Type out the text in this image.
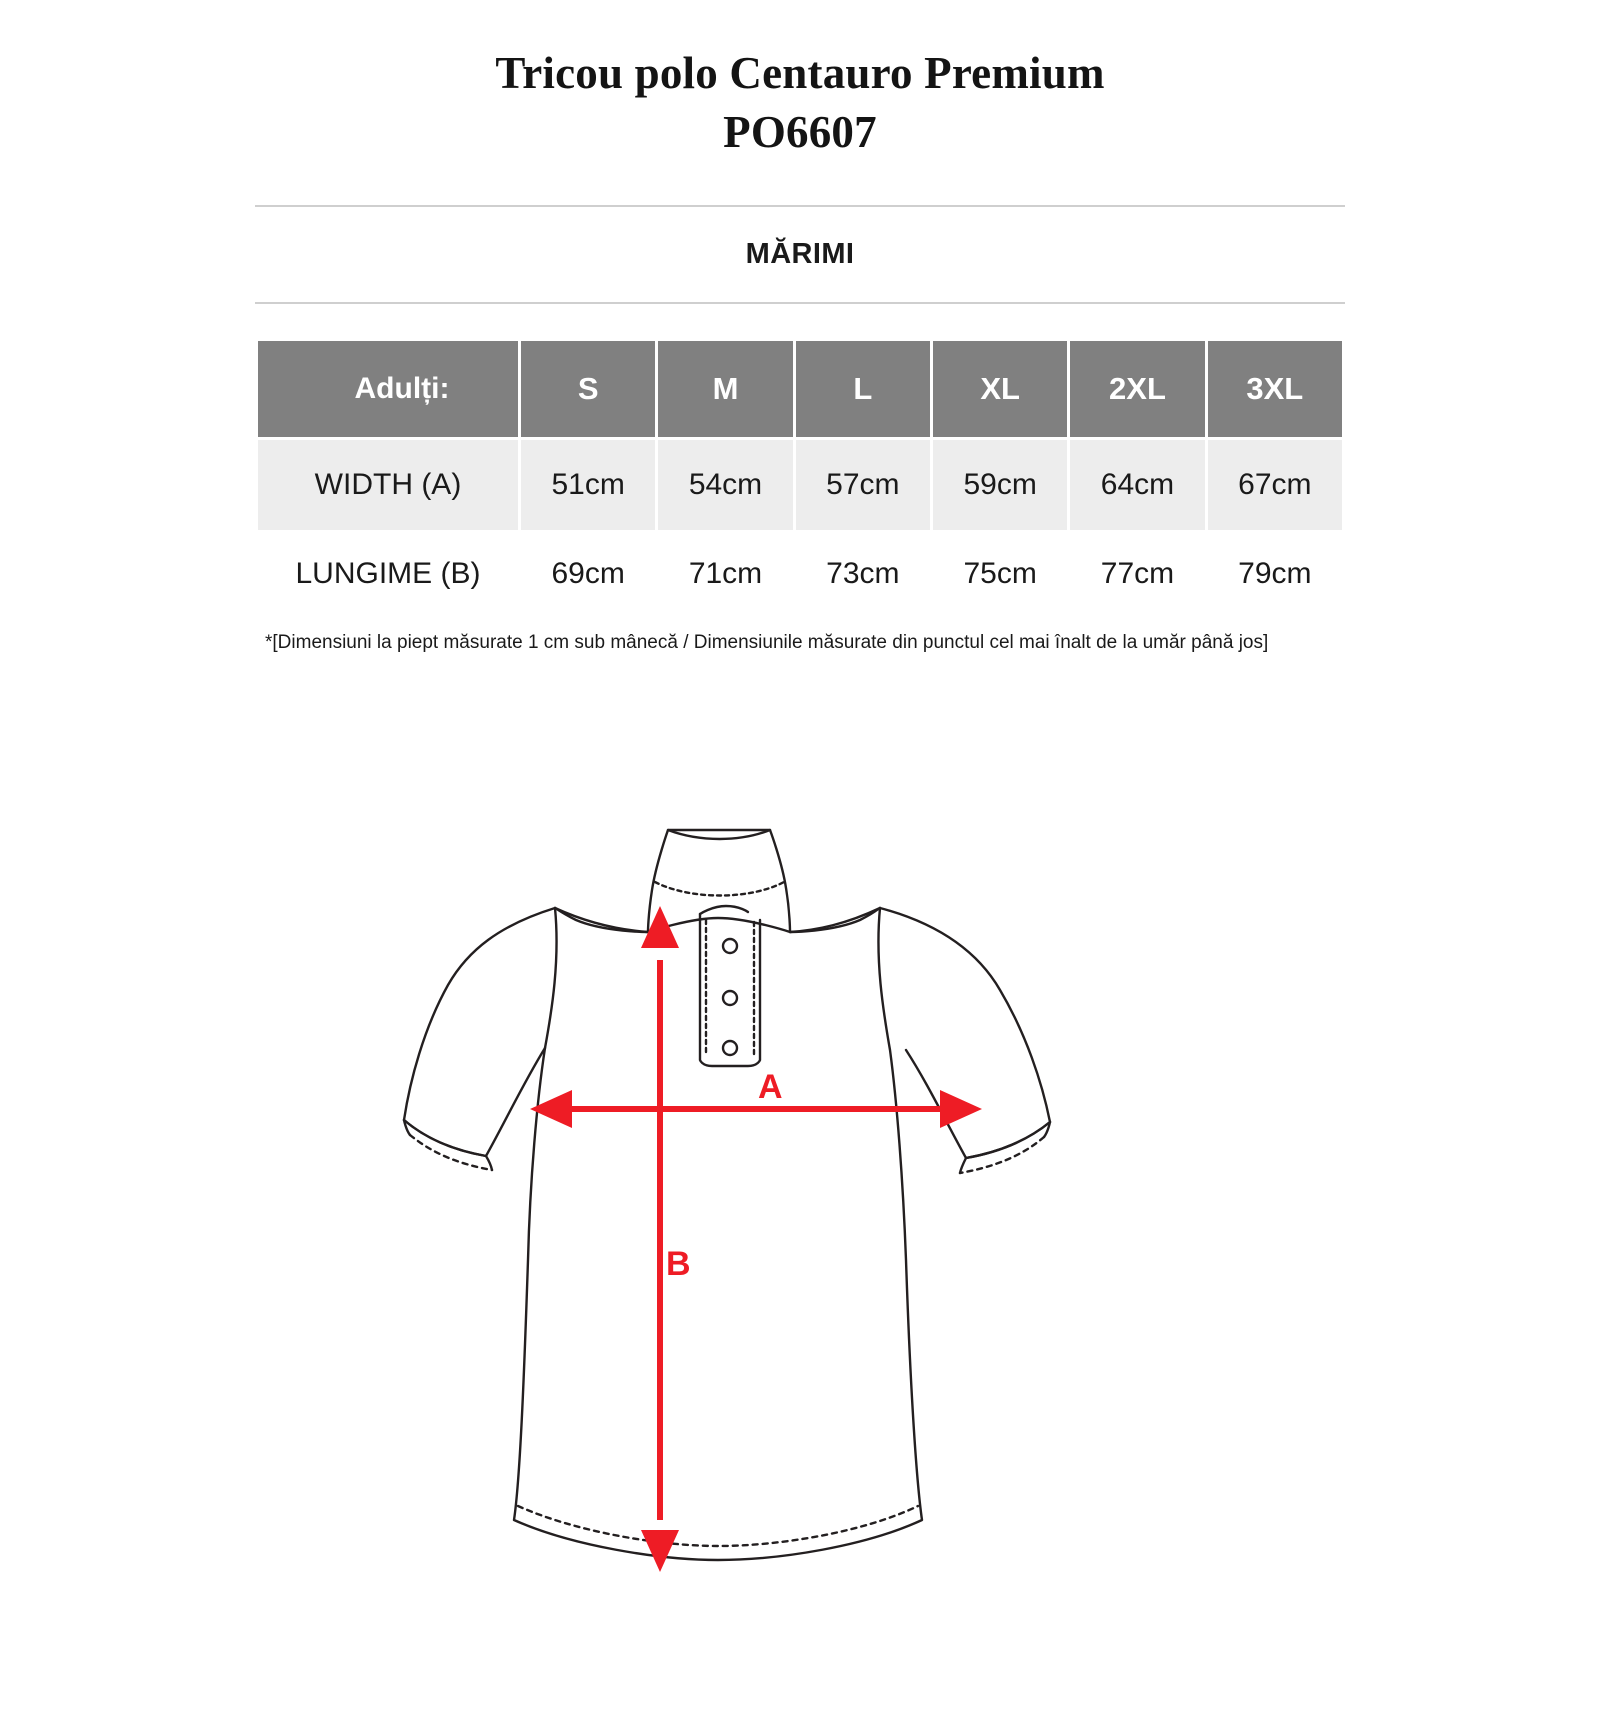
Tricou polo Centauro Premium
PO6607
MĂRIMI
Adulți:	S	M	L	XL	2XL	3XL
WIDTH (A)	51cm	54cm	57cm	59cm	64cm	67cm
LUNGIME (B)	69cm	71cm	73cm	75cm	77cm	79cm
*[Dimensiuni la piept măsurate 1 cm sub mânecă / Dimensiunile măsurate din punctul cel mai înalt de la umăr până jos]
A
B
